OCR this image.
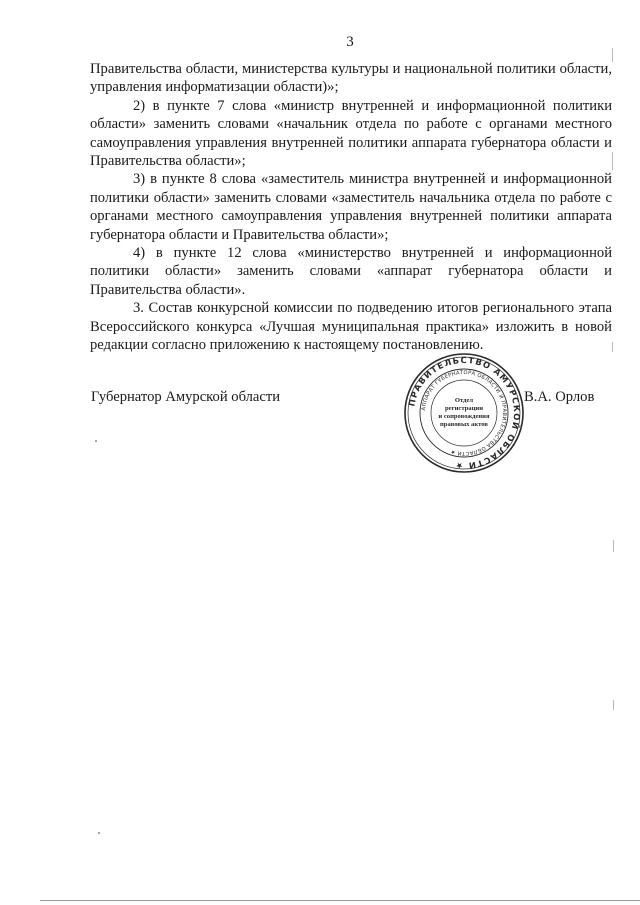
3

Правительства области, министерства культуры и национальной политики области, управления информатизации области)»;

2) в пункте 7 слова «министр внутренней и информационной политики области» заменить словами «начальник отдела по работе с органами местного самоуправления управления внутренней политики аппарата губернатора области и Правительства области»;

3) в пункте 8 слова «заместитель министра внутренней и информационной политики области» заменить словами «заместитель начальника отдела по работе с органами местного самоуправления управления внутренней политики аппарата губернатора области и Правительства области»;

4) в пункте 12 слова «министерство внутренней и информационной политики области» заменить словами «аппарат губернатора области и Правительства области».

3. Состав конкурсной комиссии по подведению итогов регионального этапа Всероссийского конкурса «Лучшая муниципальная практика» изложить в новой редакции согласно приложению к настоящему постановлению.

Губернатор Амурской области	В.А. Орлов
ПРАВИТЕЛЬСТВО АМУРСКОЙ ОБЛАСТИ ★
АППАРАТ ГУБЕРНАТОРА ОБЛАСТИ И ПРАВИТЕЛЬСТВА ОБЛАСТИ ★
Отдел
регистрации
и сопровождения
правовых актов
